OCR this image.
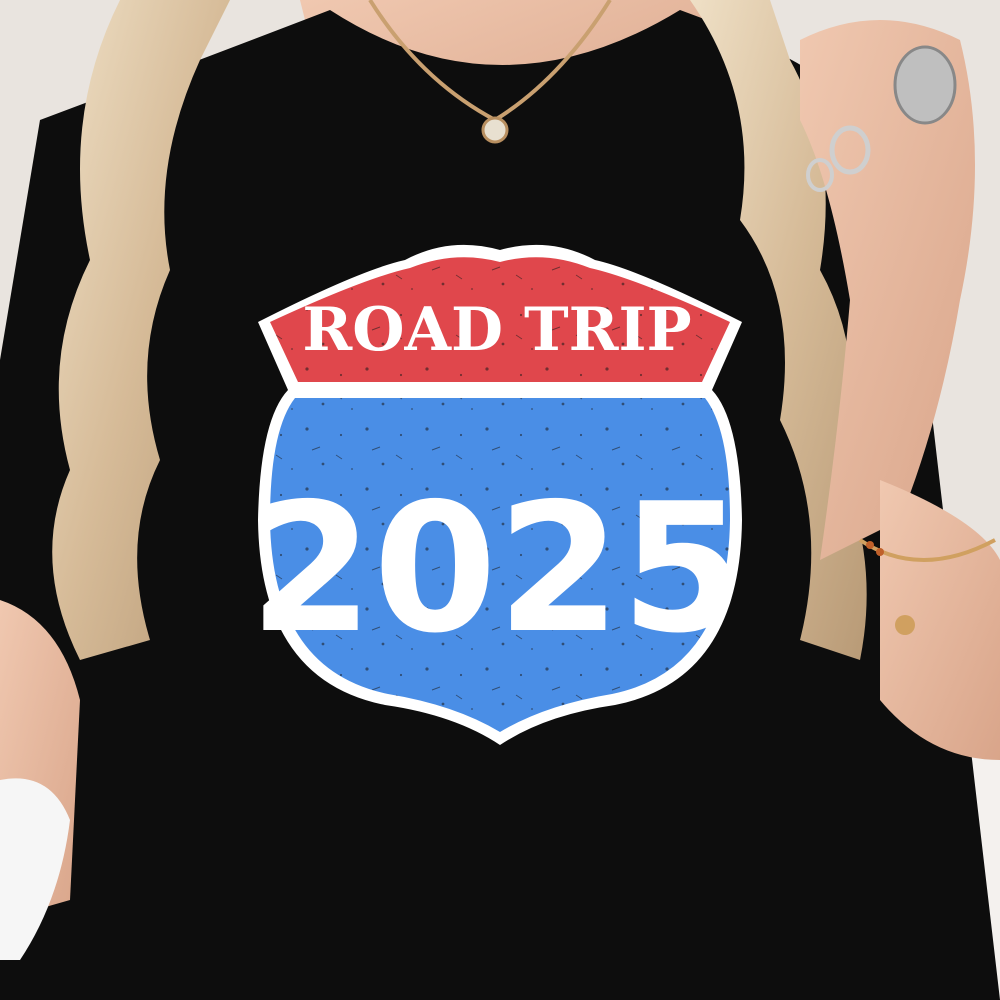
ROAD TRIP
2025
